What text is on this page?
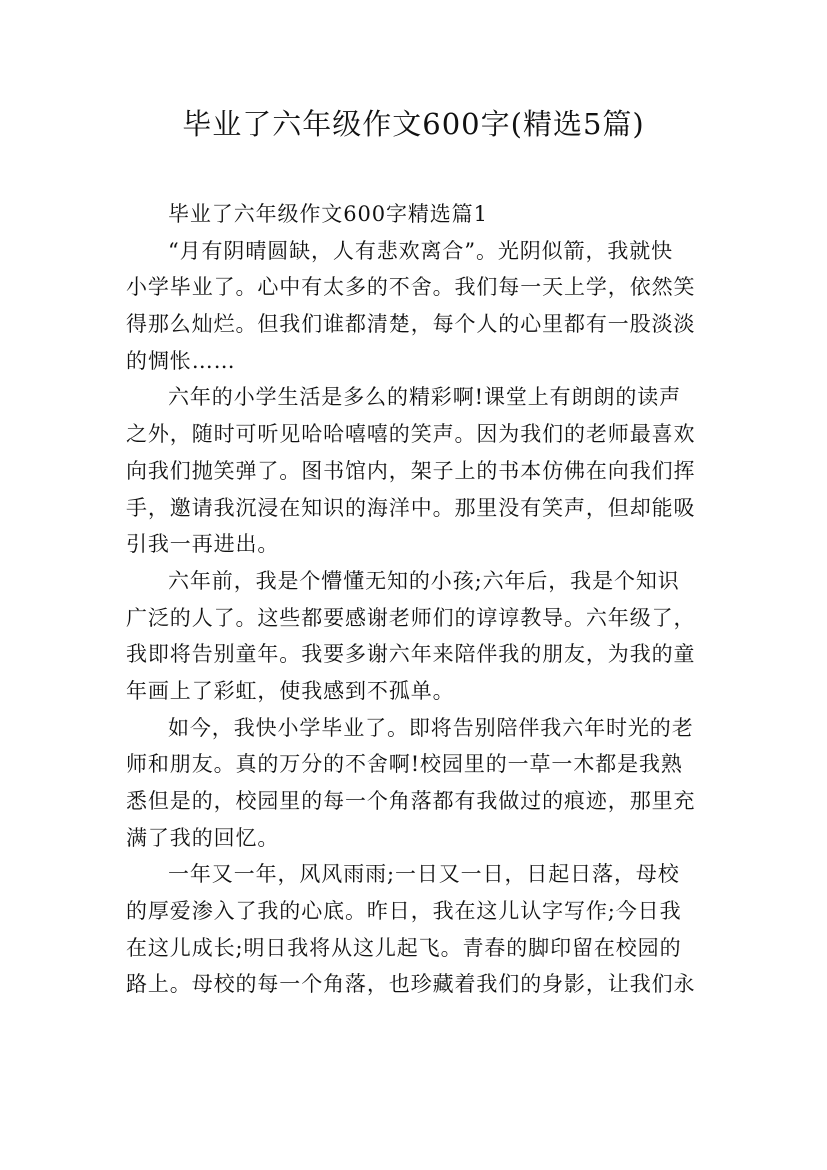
毕业了六年级作文600字(精选5篇)
毕业了六年级作文600字精选篇1
“月有阴晴圆缺，人有悲欢离合”。光阴似箭，我就快
小学毕业了。心中有太多的不舍。我们每一天上学，依然笑
得那么灿烂。但我们谁都清楚，每个人的心里都有一股淡淡
的惆怅……
六年的小学生活是多么的精彩啊!课堂上有朗朗的读声
之外，随时可听见哈哈嘻嘻的笑声。因为我们的老师最喜欢
向我们抛笑弹了。图书馆内，架子上的书本仿佛在向我们挥
手，邀请我沉浸在知识的海洋中。那里没有笑声，但却能吸
引我一再进出。
六年前，我是个懵懂无知的小孩;六年后，我是个知识
广泛的人了。这些都要感谢老师们的谆谆教导。六年级了，
我即将告别童年。我要多谢六年来陪伴我的朋友，为我的童
年画上了彩虹，使我感到不孤单。
如今，我快小学毕业了。即将告别陪伴我六年时光的老
师和朋友。真的万分的不舍啊!校园里的一草一木都是我熟
悉但是的，校园里的每一个角落都有我做过的痕迹，那里充
满了我的回忆。
一年又一年，风风雨雨;一日又一日，日起日落，母校
的厚爱渗入了我的心底。昨日，我在这儿认字写作;今日我
在这儿成长;明日我将从这儿起飞。青春的脚印留在校园的
路上。母校的每一个角落，也珍藏着我们的身影，让我们永
